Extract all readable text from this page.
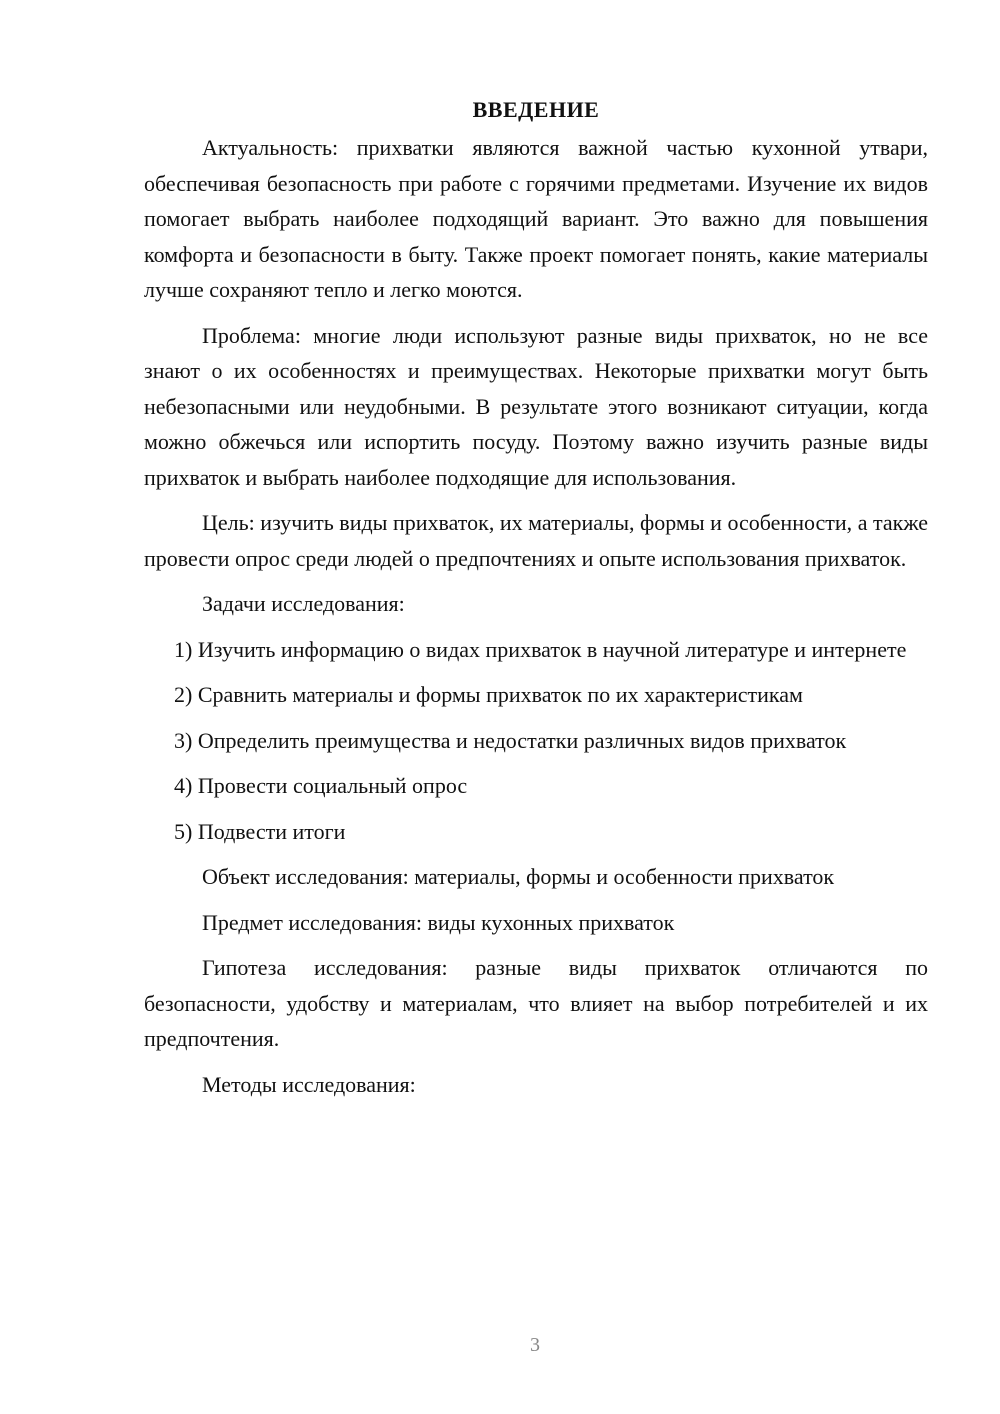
ВВЕДЕНИЕ

Актуальность: прихватки являются важной частью кухонной утвари, обеспечивая безопасность при работе с горячими предметами. Изучение их видов помогает выбрать наиболее подходящий вариант. Это важно для повышения комфорта и безопасности в быту. Также проект помогает понять, какие материалы лучше сохраняют тепло и легко моются.

Проблема: многие люди используют разные виды прихваток, но не все знают о их особенностях и преимуществах. Некоторые прихватки могут быть небезопасными или неудобными. В результате этого возникают ситуации, когда можно обжечься или испортить посуду. Поэтому важно изучить разные виды прихваток и выбрать наиболее подходящие для использования.

Цель: изучить виды прихваток, их материалы, формы и особенности, а также провести опрос среди людей о предпочтениях и опыте использования прихваток.

Задачи исследования:

1) Изучить информацию о видах прихваток в научной литературе и интернете

2) Сравнить материалы и формы прихваток по их характеристикам

3) Определить преимущества и недостатки различных видов прихваток

4) Провести социальный опрос

5) Подвести итоги

Объект исследования: материалы, формы и особенности прихваток

Предмет исследования: виды кухонных прихваток

Гипотеза исследования: разные виды прихваток отличаются по безопасности, удобству и материалам, что влияет на выбор потребителей и их предпочтения.

Методы исследования:

3
